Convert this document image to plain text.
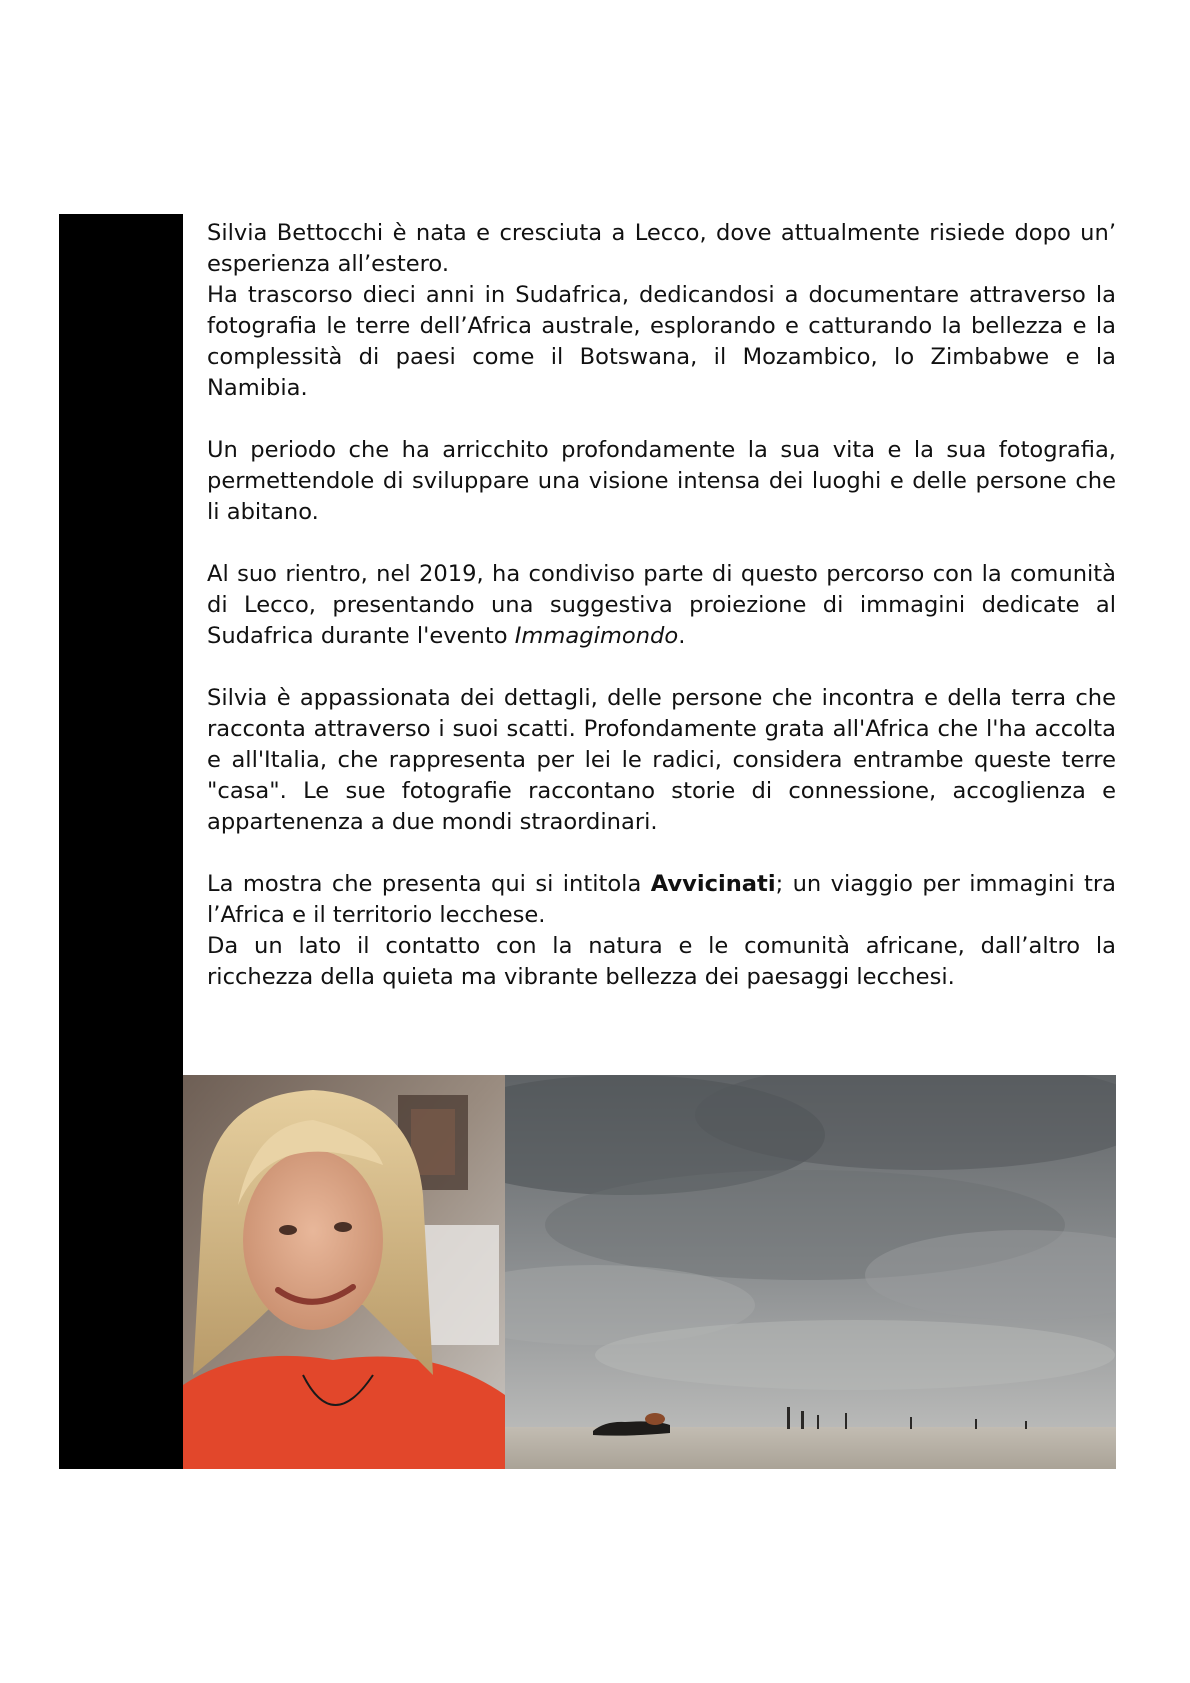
Silvia Bettocchi è nata e cresciuta a Lecco, dove attualmente risiede dopo un’ esperienza all’estero.
Ha trascorso dieci anni in Sudafrica, dedicandosi a documentare attraverso la fotografia le terre dell’Africa australe, esplorando e catturando la bellezza e la complessità di paesi come il Botswana, il Mozambico, lo Zimbabwe e la Namibia.

Un periodo che ha arricchito profondamente la sua vita e la sua fotografia, permettendole di sviluppare una visione intensa dei luoghi e delle persone che li abitano.

Al suo rientro, nel 2019, ha condiviso parte di questo percorso con la comunità di Lecco, presentando una suggestiva proiezione di immagini dedicate al Sudafrica durante l'evento Immagimondo.

Silvia è appassionata dei dettagli, delle persone che incontra e della terra che racconta attraverso i suoi scatti. Profondamente grata all'Africa che l'ha accolta e all'Italia, che rappresenta per lei le radici, considera entrambe queste terre "casa". Le sue fotografie raccontano storie di connessione, accoglienza e appartenenza a due mondi straordinari.

La mostra che presenta qui si intitola Avvicinati; un viaggio per immagini tra l’Africa e il territorio lecchese.
Da un lato il contatto con la natura e le comunità africane, dall’altro la ricchezza della quieta ma vibrante bellezza dei paesaggi lecchesi.
